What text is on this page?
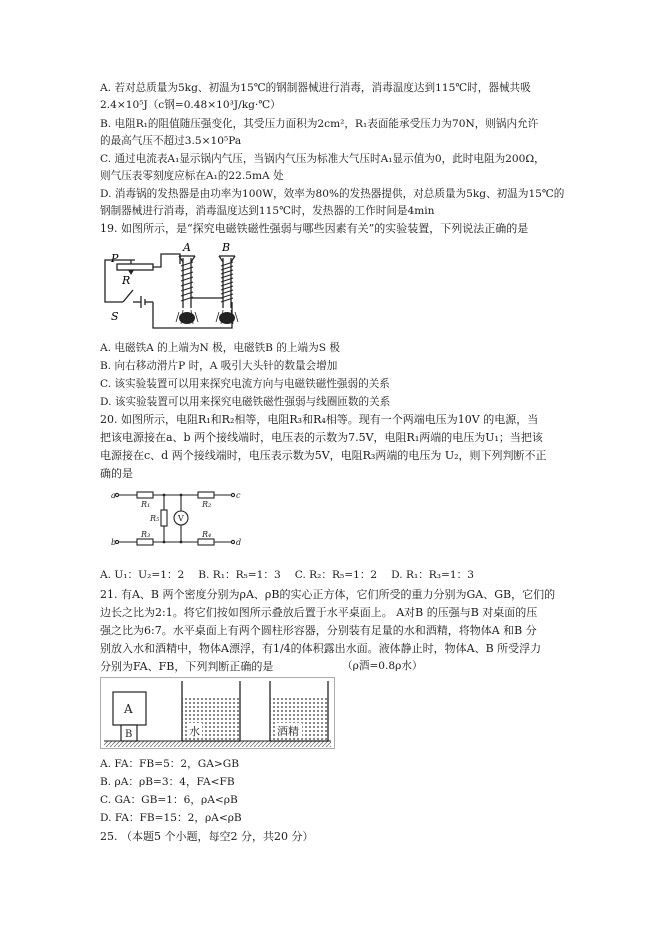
A. 若对总质量为5kg、初温为15℃的钢制器械进行消毒，消毒温度达到115℃时，器械共吸
2.4×10⁵J（c钢=0.48×10³J/kg·℃）
B. 电阻R₁的阻值随压强变化，其受压力面积为2cm²，R₁表面能承受压力为70N，则锅内允许
的最高气压不超过3.5×10⁵Pa
C. 通过电流表A₁显示锅内气压，当锅内气压为标准大气压时A₁显示值为0，此时电阻为200Ω，
则气压表零刻度应标在A₁的22.5mA 处
D. 消毒锅的发热器是由功率为100W，效率为80%的发热器提供，对总质量为5kg、初温为15℃的
钢制器械进行消毒，消毒温度达到115℃时，发热器的工作时间是4min
19. 如图所示，是“探究电磁铁磁性强弱与哪些因素有关”的实验装置，下列说法正确的是
A	B
P
R
S
A. 电磁铁A 的上端为N 极，电磁铁B 的上端为S 极
B. 向右移动滑片P 时，A 吸引大头针的数量会增加
C. 该实验装置可以用来探究电流方向与电磁铁磁性强弱的关系
D. 该实验装置可以用来探究电磁铁磁性强弱与线圈匝数的关系
20. 如图所示，电阻R₁和R₂相等，电阻R₃和R₄相等。现有一个两端电压为10V 的电源，当
把该电源接在a、b 两个接线端时，电压表的示数为7.5V，电阻R₁两端的电压为U₁；当把该
电源接在c、d 两个接线端时，电压表示数为5V，电阻R₃两端的电压为 U₂，则下列判断不正
确的是
a	c
b	d
R₁	R₂
R₃	R₄
R₅ V
A. U₁：U₂=1：2　 B. R₁：R₅=1：3　 C. R₂：R₅=1：2　 D. R₁：R₃=1：3
21. 有A、B 两个密度分别为ρA、ρB的实心正方体，它们所受的重力分别为GA、GB，它们的
边长之比为2:1。将它们按如图所示叠放后置于水平桌面上。 A对B 的压强与B 对桌面的压
强之比为6:7。水平桌面上有两个圆柱形容器，分别装有足量的水和酒精，将物体A 和B 分
别放入水和酒精中，物体A漂浮，有1/4的体积露出水面。液体静止时，物体A、B 所受浮力
分别为FA、FB，下列判断正确的是	（ρ酒=0.8ρ水）
A
B	水	酒精
A. FA：FB=5：2，GA>GB
B. ρA：ρB=3：4，FA<FB
C. GA：GB=1：6，ρA<ρB
D. FA：FB=15：2，ρA<ρB
25. （本题5 个小题，每空2 分，共20 分）
